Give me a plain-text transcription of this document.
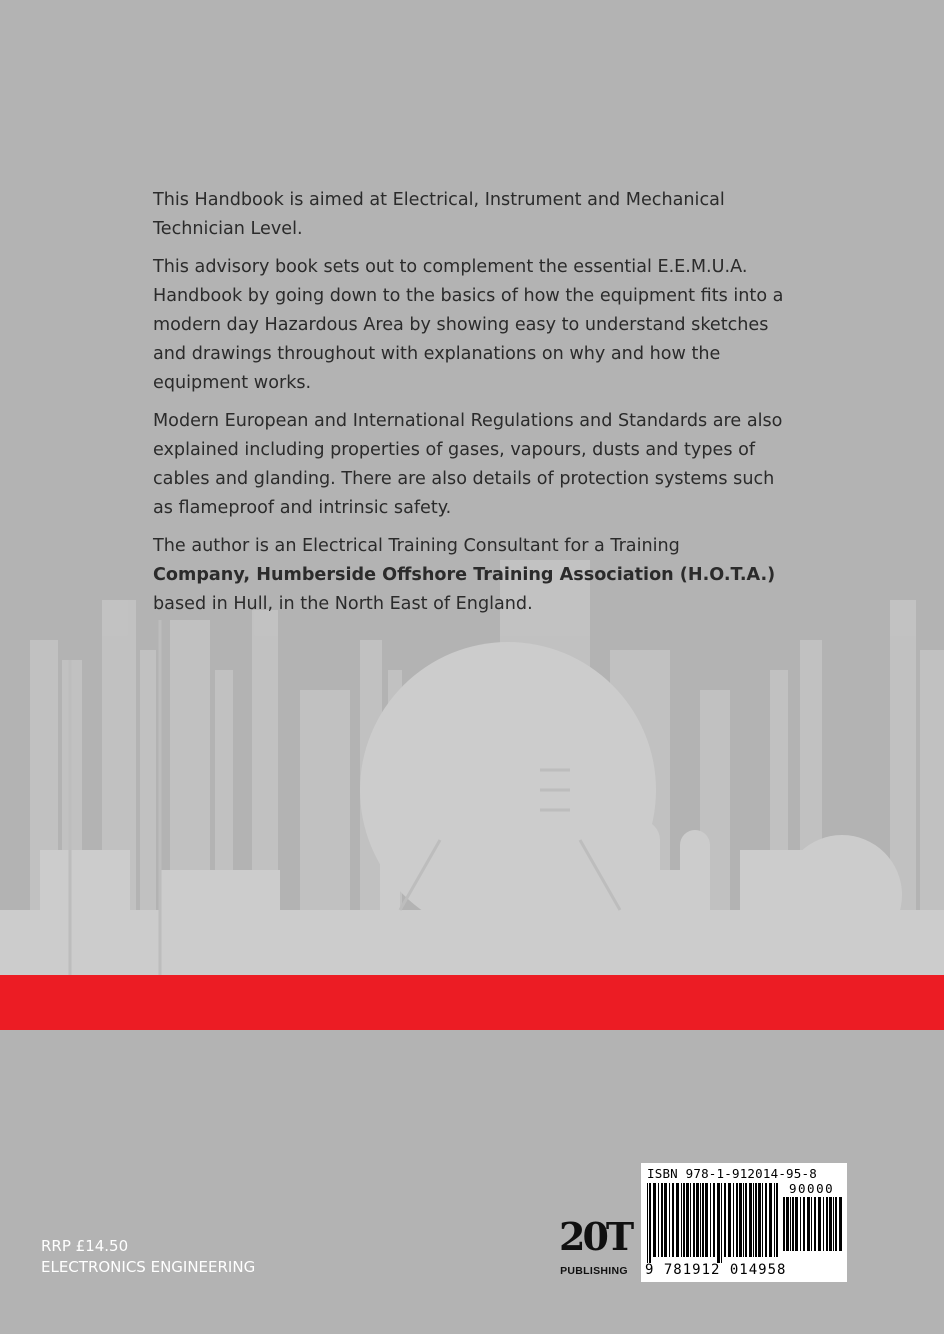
This Handbook is aimed at Electrical, Instrument and Mechanical Technician Level.

This advisory book sets out to complement the essential E.E.M.U.A. Handbook by going down to the basics of how the equipment fits into a modern day Hazardous Area by showing easy to understand sketches and drawings throughout with explanations on why and how the equipment works.

Modern European and International Regulations and Standards are also explained including properties of gases, vapours, dusts and types of cables and glanding. There are also details of protection systems such as flameproof and intrinsic safety.

The author is an Electrical Training Consultant for a Training
Company, Humberside Offshore Training Association (H.O.T.A.)
based in Hull, in the North East of England.

RRP £14.50
ELECTRONICS ENGINEERING
20T
PUBLISHING
ISBN 978-1-912014-95-8
90000
9 781912 014958
